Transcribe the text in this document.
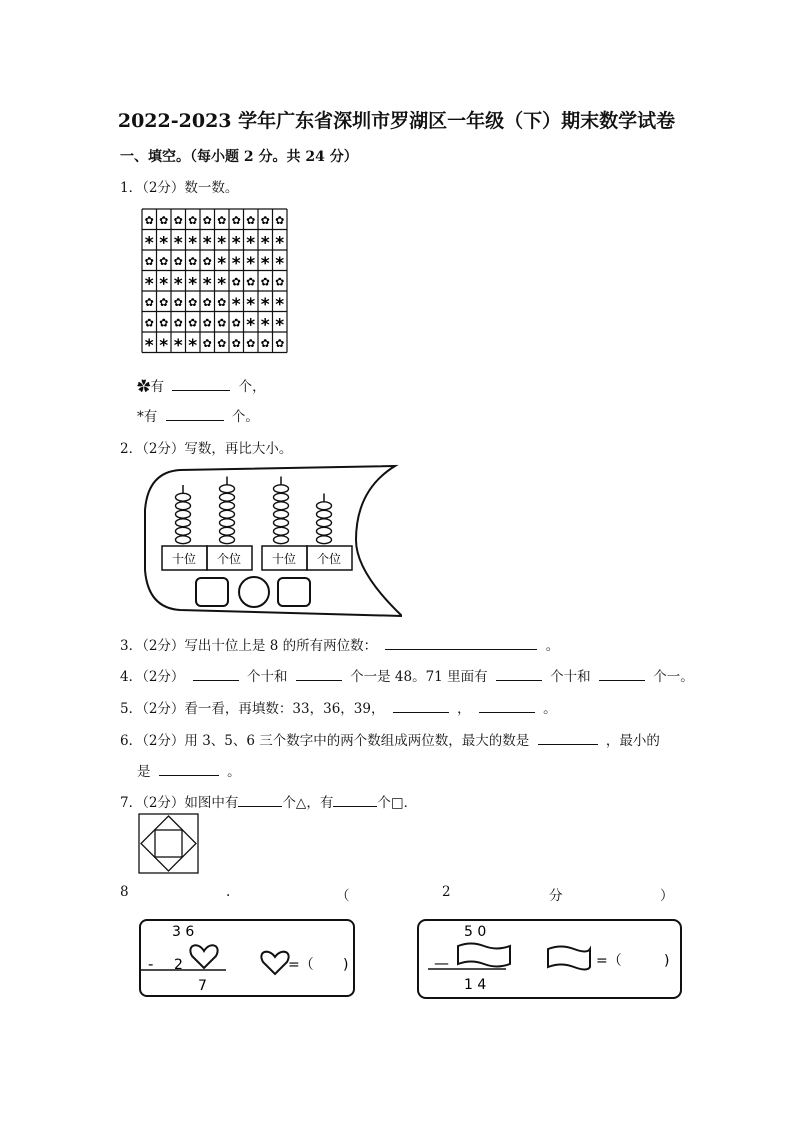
2022-2023 学年广东省深圳市罗湖区一年级（下）期末数学试卷
一、填空。（每小题 2 分。共 24 分）
1．（2分）数一数。
✿ ✿ ✿ ✿ ✿ ✿ ✿ ✿ ✿ ✿
* * * * * * * * * *
✿ ✿ ✿ ✿ ✿ * * * * *
* * * * * * ✿ ✿ ✿ ✿
✿ ✿ ✿ ✿ ✿ ✿ * * * *
✿ ✿ ✿ ✿ ✿ ✿ ✿ * * *
* * * * ✿ ✿ ✿ ✿ ✿ ✿
✿有	个，
*有	个。
2．（2分）写数，再比大小。
十位 个位	十位 个位
3．（2分）写出十位上是 8 的所有两位数：	。
4．（2分）	个十和	个一是 48。71 里面有	个十和	个一。
5．（2分）看一看，再填数：33，36，39，	，	。
6．（2分）用 3、5、6 三个数字中的两个数组成两位数，最大的数是	，最小的
是	。
7．（2分）如图中有	个△，有	个□．
8	.	（	2	分	）
3 6
- 2
7
=（ )
5 0
—
1 4
=（	)
